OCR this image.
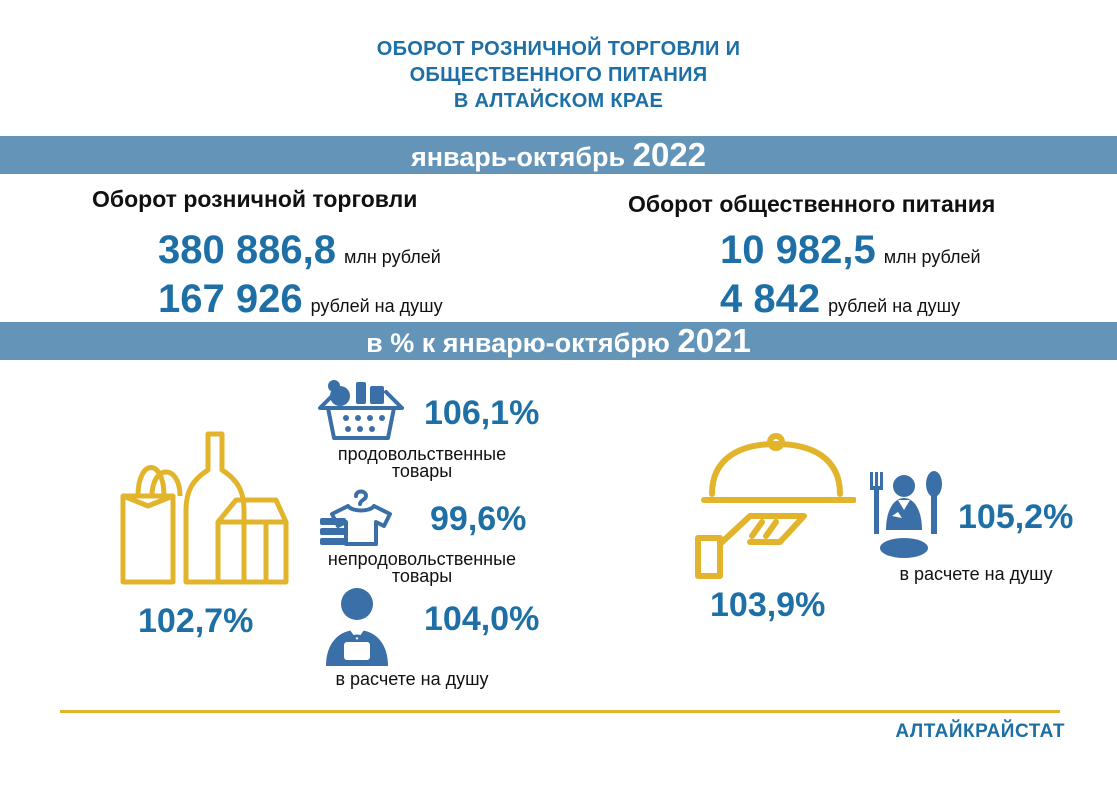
ОБОРОТ РОЗНИЧНОЙ ТОРГОВЛИ И
ОБЩЕСТВЕННОГО ПИТАНИЯ
В АЛТАЙСКОМ КРАЕ
январь-октябрь 2022
Оборот розничной торговли
380 886,8 млн рублей
167 926 рублей на душу
Оборот общественного питания
10 982,5 млн рублей
4 842 рублей на душу
в % к январю-октябрю 2021
102,7%
106,1%
продовольственные
товары
99,6%
непродовольственные
товары
104,0%
в расчете на душу
103,9%
105,2%
в расчете на душу
АЛТАЙКРАЙСТАТ
